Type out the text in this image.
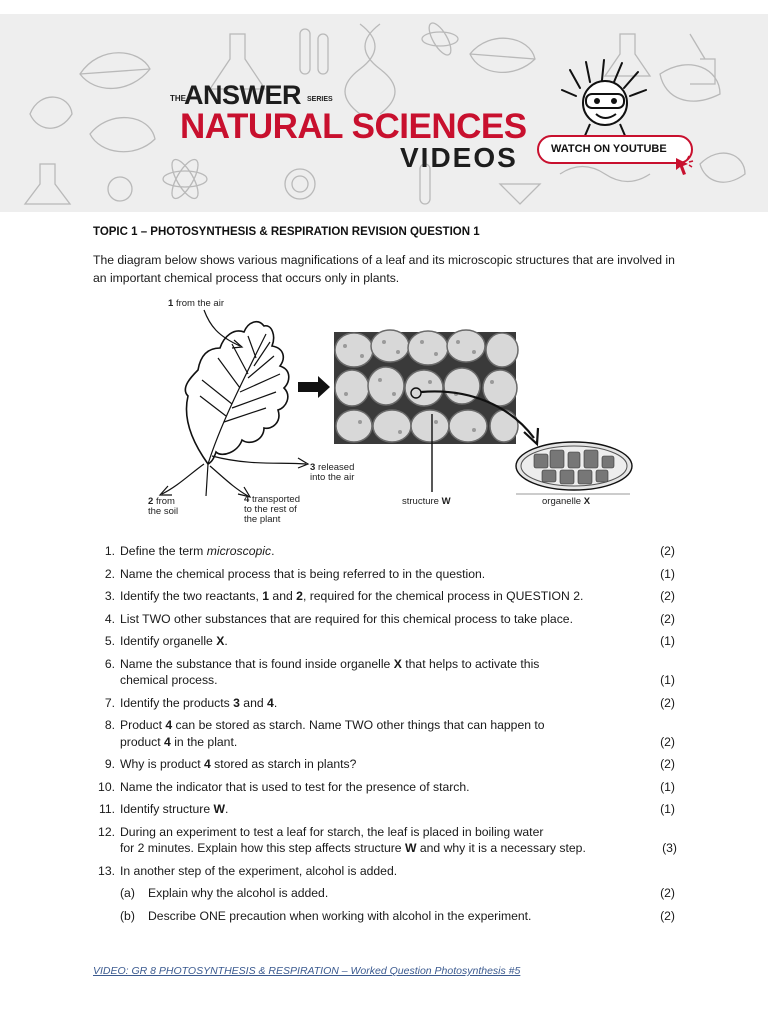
THE
ANSWER SERIES
NATURAL SCIENCES
VIDEOS	WATCH ON YOUTUBE
TOPIC 1 – PHOTOSYNTHESIS & RESPIRATION REVISION QUESTION 1
The diagram below shows various magnifications of a leaf and its microscopic structures that are involved in an important chemical process that occurs only in plants.
1 from the air
3 released
into the air
2 from
the soil
4 transported
to the rest of
the plant
structure W	organelle X
1. Define the term microscopic.	(2)
2. Name the chemical process that is being referred to in the question.	(1)
3. Identify the two reactants, 1 and 2, required for the chemical process in QUESTION 2.	(2)
4. List TWO other substances that are required for this chemical process to take place.	(2)
5. Identify organelle X.	(1)
6. Name the substance that is found inside organelle X that helps to activate this
chemical process.	(1)
7. Identify the products 3 and 4.	(2)
8. Product 4 can be stored as starch. Name TWO other things that can happen to
product 4 in the plant.	(2)
9. Why is product 4 stored as starch in plants?	(2)
10. Name the indicator that is used to test for the presence of starch.	(1)
11. Identify structure W.	(1)
12. During an experiment to test a leaf for starch, the leaf is placed in boiling water
for 2 minutes. Explain how this step affects structure W and why it is a necessary step.	(3)
13. In another step of the experiment, alcohol is added.
(a)	Explain why the alcohol is added.	(2)
(b)	Describe ONE precaution when working with alcohol in the experiment.	(2)
VIDEO: GR 8 PHOTOSYNTHESIS & RESPIRATION – Worked Question Photosynthesis #5
